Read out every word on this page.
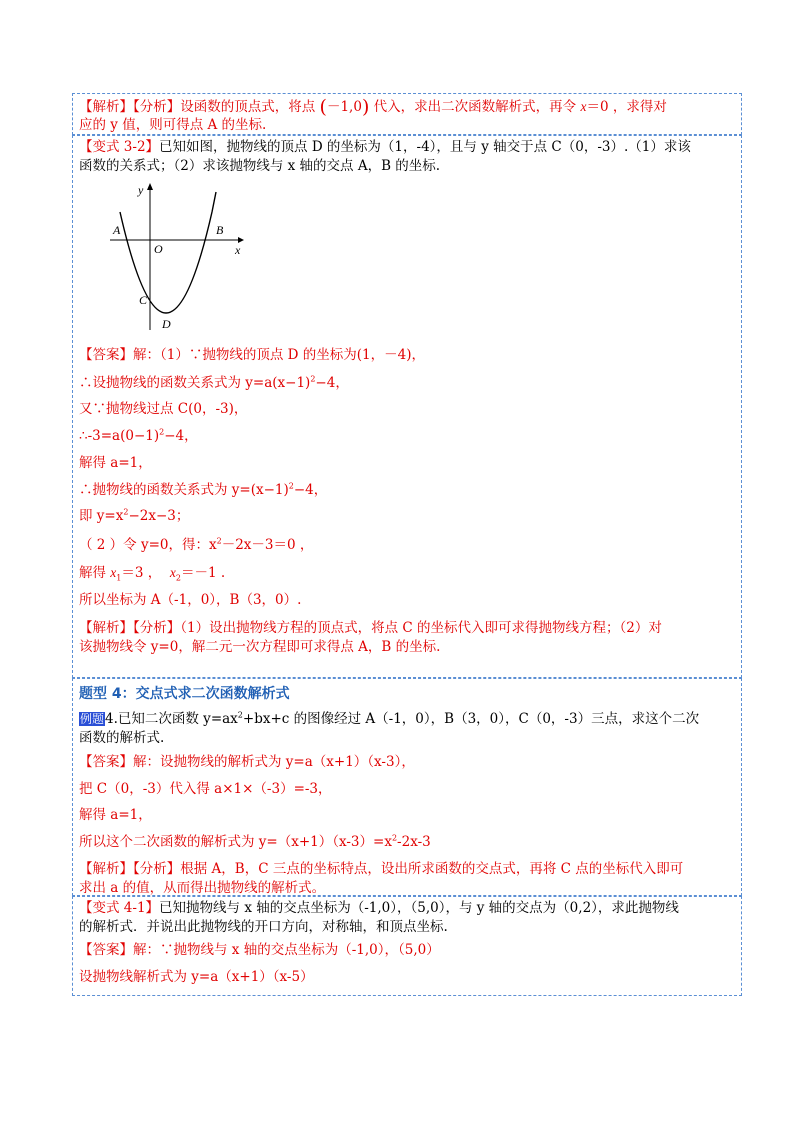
【解析】【分析】设函数的顶点式，将点 (－1,0) 代入，求出二次函数解析式，再令 x＝0 ，求得对
应的 y 值，则可得点 A 的坐标.
【变式 3-2】已知如图，抛物线的顶点 D 的坐标为（1，-4），且与 y 轴交于点 C（0，-3）.（1）求该
函数的关系式；（2）求该抛物线与 x 轴的交点 A，B 的坐标.
y
x
O
A	B
C
D
【答案】解：（1）∵抛物线的顶点 D 的坐标为(1，－4)，
∴设抛物线的函数关系式为 $y=a(x-1)^2-4$，
又∵抛物线过点 C(0，-3)，
$\therefore-3=a(0-1)^2-4$，
解得 a=1，
∴抛物线的函数关系式为 $y=(x-1)^2-4$，
即 $y=x^2-2x-3$；
（ 2 ）令 y=0，得：$x^2-2x-3=0$ ，
解得 $x_1=3$ ， $x_2=-1$ .
所以坐标为 A（-1，0），B（3，0）.
【解析】【分析】（1）设出抛物线方程的顶点式，将点 C 的坐标代入即可求得抛物线方程；（2）对
该抛物线令 y=0，解二元一次方程即可求得点 A，B 的坐标.
题型 4：交点式求二次函数解析式
例题4.已知二次函数 $y=ax^2+bx+c$ 的图像经过 A（-1，0），B（3，0），C（0，-3）三点，求这个二次
函数的解析式.
【答案】解：设抛物线的解析式为 y=a（x+1）（x-3），
把 C（0，-3）代入得 a×1×（-3）=-3，
解得 a=1，
所以这个二次函数的解析式为 $y=(x+1)(x-3)=x^2-2x-3$
【解析】【分析】根据 A，B，C 三点的坐标特点，设出所求函数的交点式，再将 C 点的坐标代入即可
求出 a 的值，从而得出抛物线的解析式。
【变式 4-1】已知抛物线与 x 轴的交点坐标为（-1,0），（5,0），与 y 轴的交点为（0,2），求此抛物线
的解析式．并说出此抛物线的开口方向，对称轴，和顶点坐标.
【答案】解：∵抛物线与 x 轴的交点坐标为（-1,0），（5,0）
设抛物线解析式为 y=a（x+1）（x-5）
